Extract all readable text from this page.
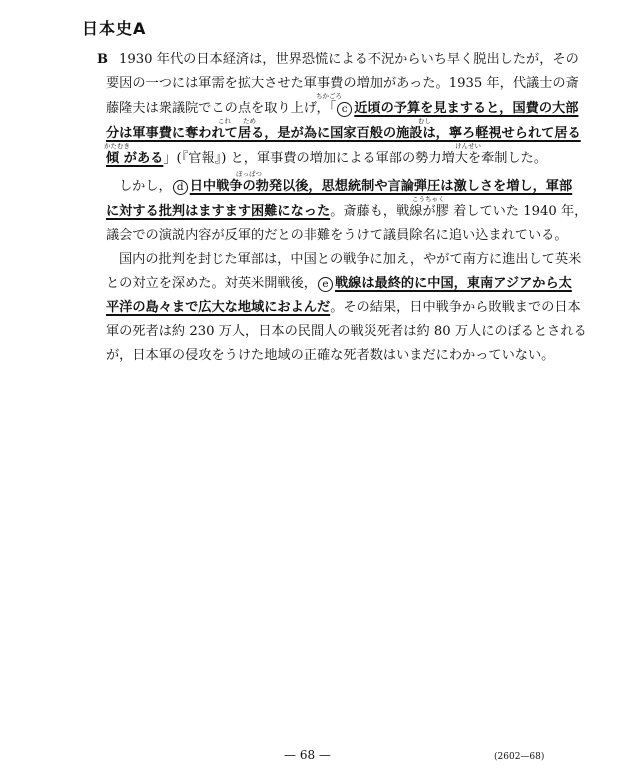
日本史A
B 1930 年代の日本経済は，世界恐慌による不況からいち早く脱出したが，その
要因の一つには軍需を拡大させた軍事費の増加があった。1935 年，代議士の斎
ちかごろ
藤隆夫は衆議院でこの点を取り上げ，「 c 近頃の予算を見ますると，国費の大部
これ ため	むし
分は軍事費に奪われて居る，是が為に国家百般の施設は，寧ろ軽視せられて居る
かたむき	けんせい
傾 がある」(『官報』) と，軍事費の増加による軍部の勢力増大を牽制した。
ぼっぱつ
しかし， d 日中戦争の勃発以後，思想統制や言論弾圧は激しさを増し，軍部
こうちゃく
に対する批判はますます困難になった。斎藤も，戦線が膠 着していた 1940 年，
議会での演説内容が反軍的だとの非難をうけて議員除名に追い込まれている。
国内の批判を封じた軍部は，中国との戦争に加え，やがて南方に進出して英米
との対立を深めた。対英米開戦後， e 戦線は最終的に中国，東南アジアから太
平洋の島々まで広大な地域におよんだ。その結果，日中戦争から敗戦までの日本
軍の死者は約 230 万人，日本の民間人の戦災死者は約 80 万人にのぼるとされる
が，日本軍の侵攻をうけた地域の正確な死者数はいまだにわかっていない。
— 68 —	(2602—68)
